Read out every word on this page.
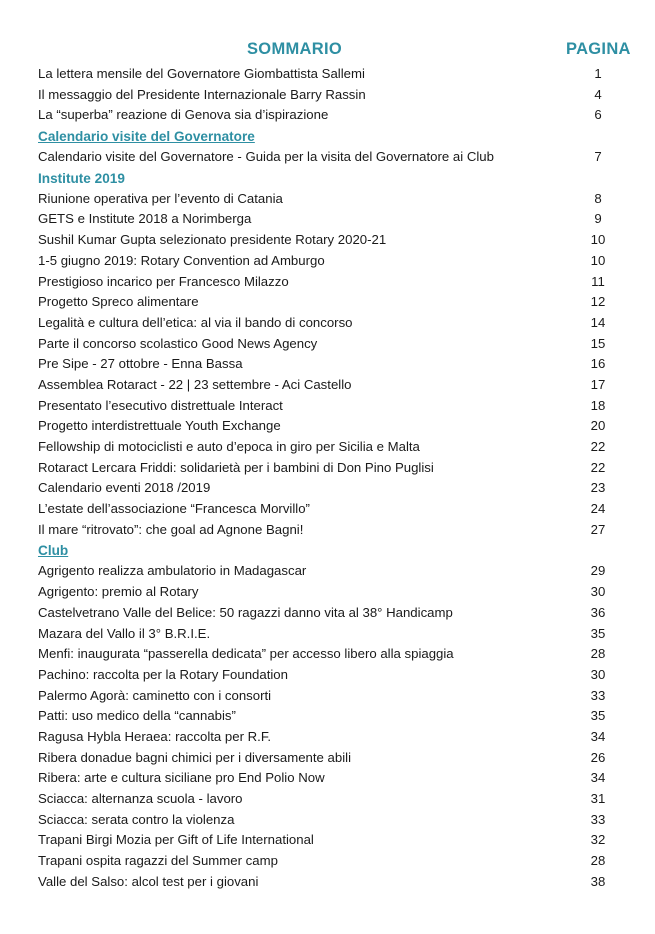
SOMMARIO	PAGINA
La lettera mensile del Governatore Giombattista Sallemi	1
Il messaggio del Presidente Internazionale Barry Rassin	4
La “superba” reazione di Genova sia d’ispirazione	6
Calendario visite del Governatore
Calendario visite del Governatore - Guida per la visita del Governatore ai Club	7
Institute 2019
Riunione operativa per l’evento di Catania	8
GETS e Institute 2018 a Norimberga	9
Sushil Kumar Gupta selezionato presidente Rotary 2020-21	10
1-5 giugno 2019: Rotary Convention ad Amburgo	10
Prestigioso incarico per Francesco Milazzo	11
Progetto Spreco alimentare	12
Legalità e cultura dell’etica: al via il bando di concorso	14
Parte il concorso scolastico Good News Agency	15
Pre Sipe - 27 ottobre - Enna Bassa	16
Assemblea Rotaract - 22 | 23 settembre - Aci Castello	17
Presentato l’esecutivo distrettuale Interact	18
Progetto interdistrettuale Youth Exchange	20
Fellowship di motociclisti e auto d’epoca in giro per Sicilia e Malta	22
Rotaract Lercara Friddi: solidarietà per i bambini di Don Pino Puglisi	22
Calendario eventi 2018 /2019	23
L’estate dell’associazione “Francesca Morvillo”	24
Il mare “ritrovato”: che goal ad Agnone Bagni!	27
Club
Agrigento realizza ambulatorio in Madagascar	29
Agrigento: premio al Rotary	30
Castelvetrano Valle del Belice: 50 ragazzi danno vita al 38° Handicamp	36
Mazara del Vallo il 3° B.R.I.E.	35
Menfi: inaugurata “passerella dedicata” per accesso libero alla spiaggia	28
Pachino: raccolta per la Rotary Foundation	30
Palermo Agorà: caminetto con i consorti	33
Patti: uso medico della “cannabis”	35
Ragusa Hybla Heraea: raccolta per R.F.	34
Ribera donadue bagni chimici per i diversamente abili	26
Ribera: arte e cultura siciliane pro End Polio Now	34
Sciacca: alternanza scuola - lavoro	31
Sciacca: serata contro la violenza	33
Trapani Birgi Mozia per Gift of Life International	32
Trapani ospita ragazzi del Summer camp	28
Valle del Salso: alcol test per i giovani	38
